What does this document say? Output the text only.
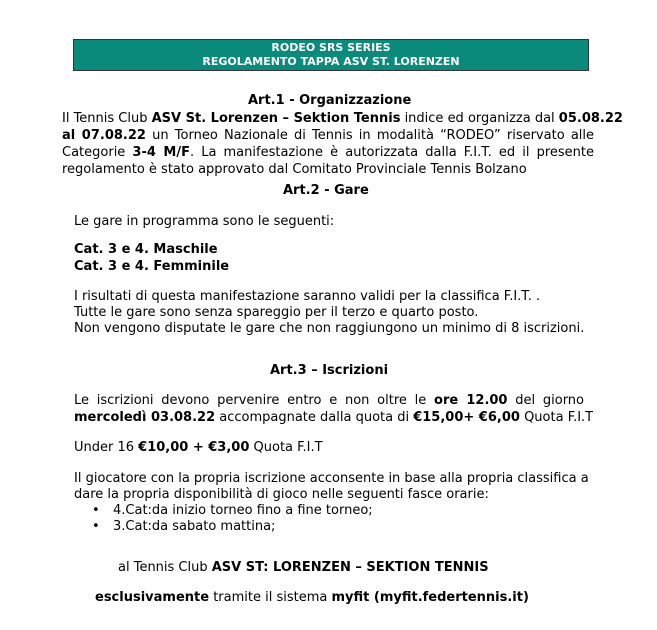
RODEO SRS SERIES
REGOLAMENTO TAPPA ASV ST. LORENZEN
Art.1 - Organizzazione
Il Tennis Club ASV St. Lorenzen – Sektion Tennis indice ed organizza dal 05.08.22
al 07.08.22 un Torneo Nazionale di Tennis in modalità “RODEO” riservato alle
Categorie 3-4 M/F. La manifestazione è autorizzata dalla F.I.T. ed il presente
regolamento è stato approvato dal Comitato Provinciale Tennis Bolzano
Art.2 - Gare
Le gare in programma sono le seguenti:
Cat. 3 e 4. Maschile
Cat. 3 e 4. Femminile
I risultati di questa manifestazione saranno validi per la classifica F.I.T. .
Tutte le gare sono senza spareggio per il terzo e quarto posto.
Non vengono disputate le gare che non raggiungono un minimo di 8 iscrizioni.
Art.3 – Iscrizioni
Le iscrizioni devono pervenire entro e non oltre le ore 12.00 del giorno
mercoledì 03.08.22 accompagnate dalla quota di €15,00+ €6,00 Quota F.I.T
Under 16 €10,00 + €3,00 Quota F.I.T
Il giocatore con la propria iscrizione acconsente in base alla propria classifica a
dare la propria disponibilità di gioco nelle seguenti fasce orarie:
• 4.Cat:da inizio torneo fino a fine torneo;
• 3.Cat:da sabato mattina;
al Tennis Club ASV ST: LORENZEN – SEKTION TENNIS
esclusivamente tramite il sistema myfit (myfit.federtennis.it)
